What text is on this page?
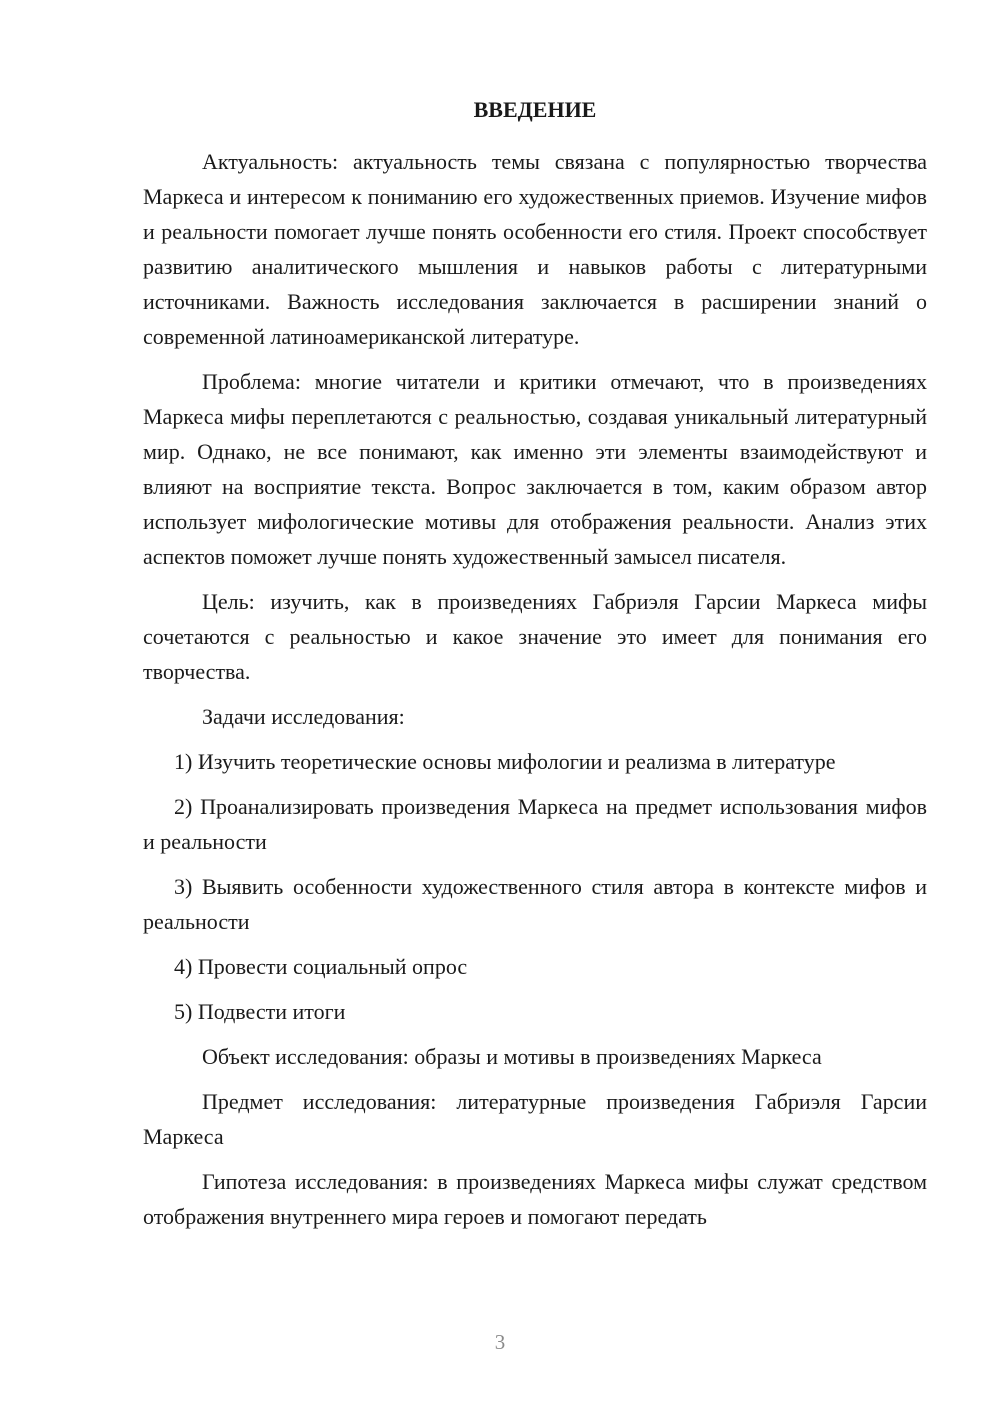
ВВЕДЕНИЕ

Актуальность: актуальность темы связана с популярностью творчества Маркеса и интересом к пониманию его художественных приемов. Изучение мифов и реальности помогает лучше понять особенности его стиля. Проект способствует развитию аналитического мышления и навыков работы с литературными источниками. Важность исследования заключается в расширении знаний о современной латиноамериканской литературе.

Проблема: многие читатели и критики отмечают, что в произведениях Маркеса мифы переплетаются с реальностью, создавая уникальный литературный мир. Однако, не все понимают, как именно эти элементы взаимодействуют и влияют на восприятие текста. Вопрос заключается в том, каким образом автор использует мифологические мотивы для отображения реальности. Анализ этих аспектов поможет лучше понять художественный замысел писателя.

Цель: изучить, как в произведениях Габриэля Гарсии Маркеса мифы сочетаются с реальностью и какое значение это имеет для понимания его творчества.

Задачи исследования:

1) Изучить теоретические основы мифологии и реализма в литературе

2) Проанализировать произведения Маркеса на предмет использования мифов и реальности

3) Выявить особенности художественного стиля автора в контексте мифов и реальности

4) Провести социальный опрос

5) Подвести итоги

Объект исследования: образы и мотивы в произведениях Маркеса

Предмет исследования: литературные произведения Габриэля Гарсии Маркеса

Гипотеза исследования: в произведениях Маркеса мифы служат средством отображения внутреннего мира героев и помогают передать

3
